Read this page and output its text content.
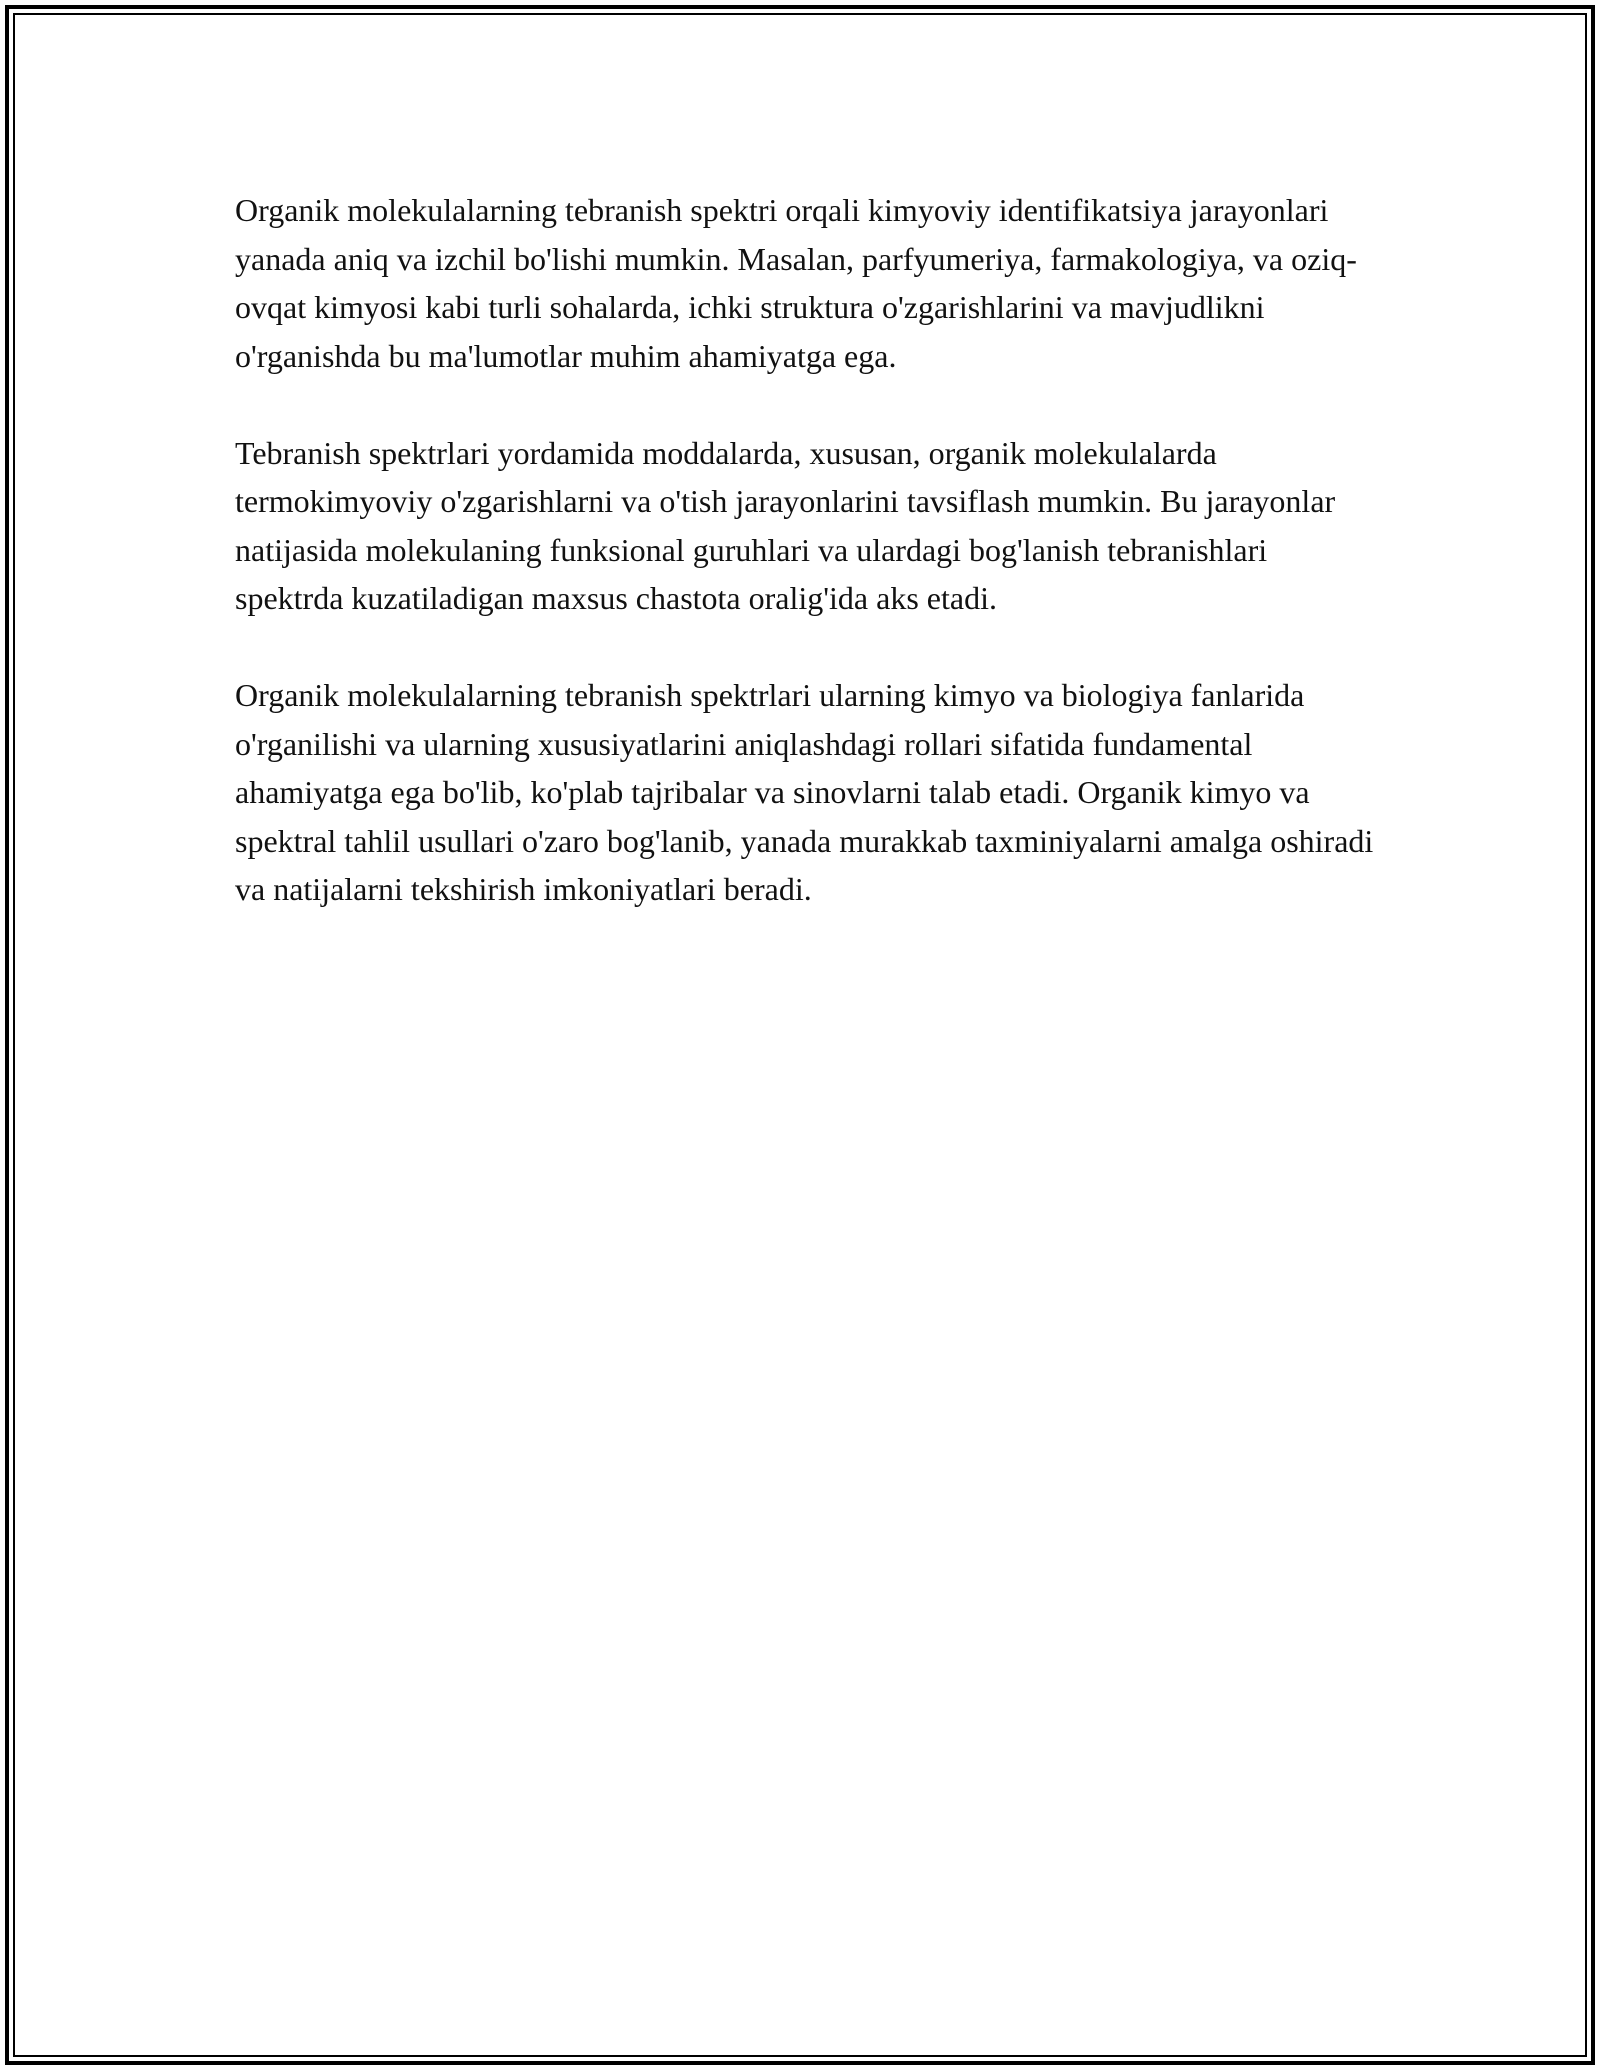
Organik molekulalarning tebranish spektri orqali kimyoviy identifikatsiya jarayonlari yanada aniq va izchil bo'lishi mumkin. Masalan, parfyumeriya, farmakologiya, va oziq-ovqat kimyosi kabi turli sohalarda, ichki struktura o'zgarishlarini va mavjudlikni o'rganishda bu ma'lumotlar muhim ahamiyatga ega.

Tebranish spektrlari yordamida moddalarda, xususan, organik molekulalarda termokimyoviy o'zgarishlarni va o'tish jarayonlarini tavsiflash mumkin. Bu jarayonlar natijasida molekulaning funksional guruhlari va ulardagi bog'lanish tebranishlari spektrda kuzatiladigan maxsus chastota oralig'ida aks etadi.

Organik molekulalarning tebranish spektrlari ularning kimyo va biologiya fanlarida o'rganilishi va ularning xususiyatlarini aniqlashdagi rollari sifatida fundamental ahamiyatga ega bo'lib, ko'plab tajribalar va sinovlarni talab etadi. Organik kimyo va spektral tahlil usullari o'zaro bog'lanib, yanada murakkab taxminiyalarni amalga oshiradi va natijalarni tekshirish imkoniyatlari beradi.
